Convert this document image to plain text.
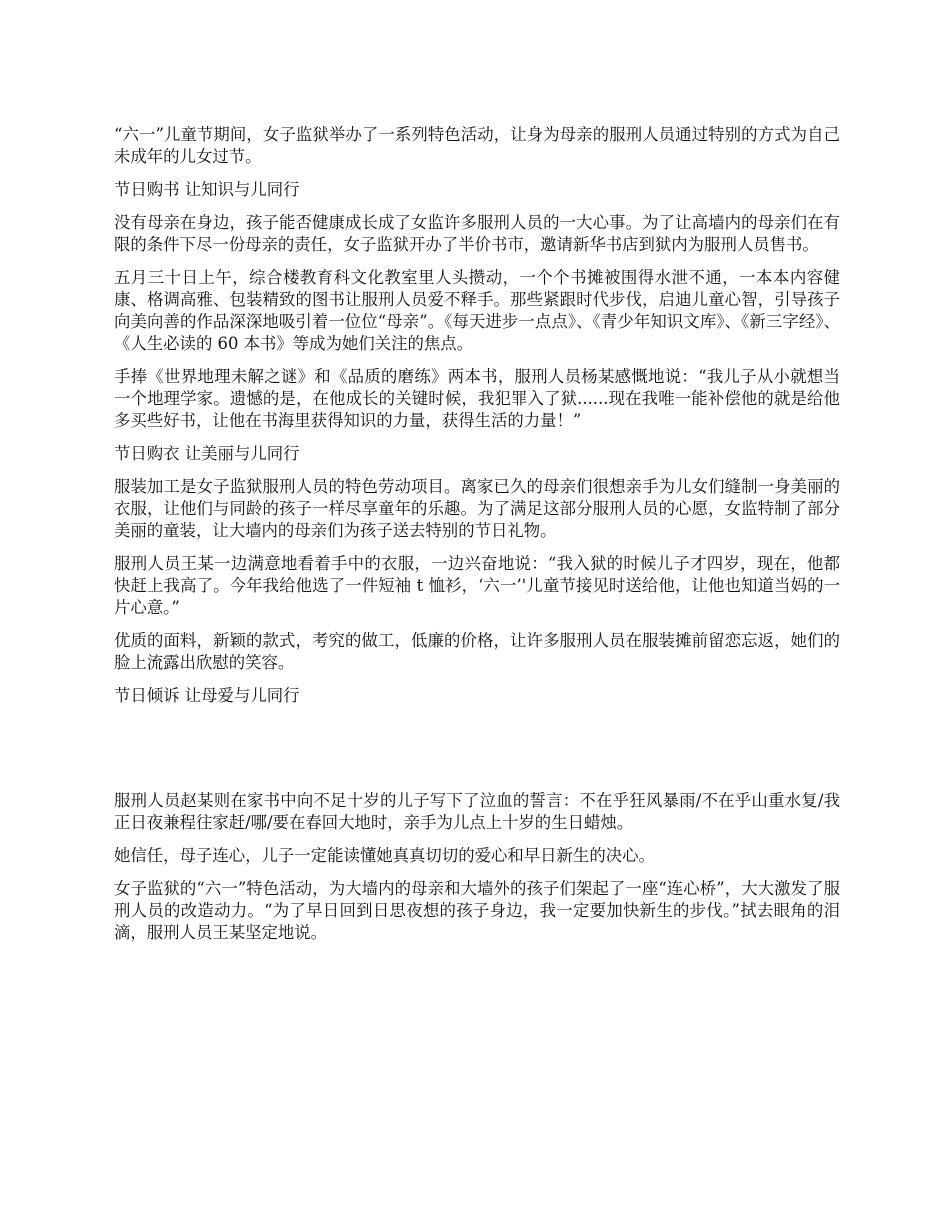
“六一”儿童节期间，女子监狱举办了一系列特色活动，让身为母亲的服刑人员通过特别的方式为自己未成年的儿女过节。

节日购书 让知识与儿同行

没有母亲在身边，孩子能否健康成长成了女监许多服刑人员的一大心事。为了让高墙内的母亲们在有限的条件下尽一份母亲的责任，女子监狱开办了半价书市，邀请新华书店到狱内为服刑人员售书。

五月三十日上午，综合楼教育科文化教室里人头攒动，一个个书摊被围得水泄不通，一本本内容健康、格调高雅、包装精致的图书让服刑人员爱不释手。那些紧跟时代步伐，启迪儿童心智，引导孩子向美向善的作品深深地吸引着一位位“母亲”。《每天进步一点点》、《青少年知识文库》、《新三字经》、《人生必读的 60 本书》等成为她们关注的焦点。

手捧《世界地理未解之谜》和《品质的磨练》两本书，服刑人员杨某感慨地说：“我儿子从小就想当一个地理学家。遗憾的是，在他成长的关键时候，我犯罪入了狱......现在我唯一能补偿他的就是给他多买些好书，让他在书海里获得知识的力量，获得生活的力量！”

节日购衣 让美丽与儿同行

服装加工是女子监狱服刑人员的特色劳动项目。离家已久的母亲们很想亲手为儿女们缝制一身美丽的衣服，让他们与同龄的孩子一样尽享童年的乐趣。为了满足这部分服刑人员的心愿，女监特制了部分美丽的童装，让大墙内的母亲们为孩子送去特别的节日礼物。

服刑人员王某一边满意地看着手中的衣服，一边兴奋地说：“我入狱的时候儿子才四岁，现在，他都快赶上我高了。今年我给他选了一件短袖 t 恤衫，‘六一’'儿童节接见时送给他，让他也知道当妈的一片心意。”

优质的面料，新颖的款式，考究的做工，低廉的价格，让许多服刑人员在服装摊前留恋忘返，她们的脸上流露出欣慰的笑容。

节日倾诉 让母爱与儿同行

服刑人员赵某则在家书中向不足十岁的儿子写下了泣血的誓言：不在乎狂风暴雨/不在乎山重水复/我正日夜兼程往家赶/哪/要在春回大地时，亲手为儿点上十岁的生日蜡烛。

她信任，母子连心，儿子一定能读懂她真真切切的爱心和早日新生的决心。

女子监狱的“六一”特色活动，为大墙内的母亲和大墙外的孩子们架起了一座“连心桥”，大大激发了服刑人员的改造动力。“为了早日回到日思夜想的孩子身边，我一定要加快新生的步伐。”拭去眼角的泪滴，服刑人员王某坚定地说。
